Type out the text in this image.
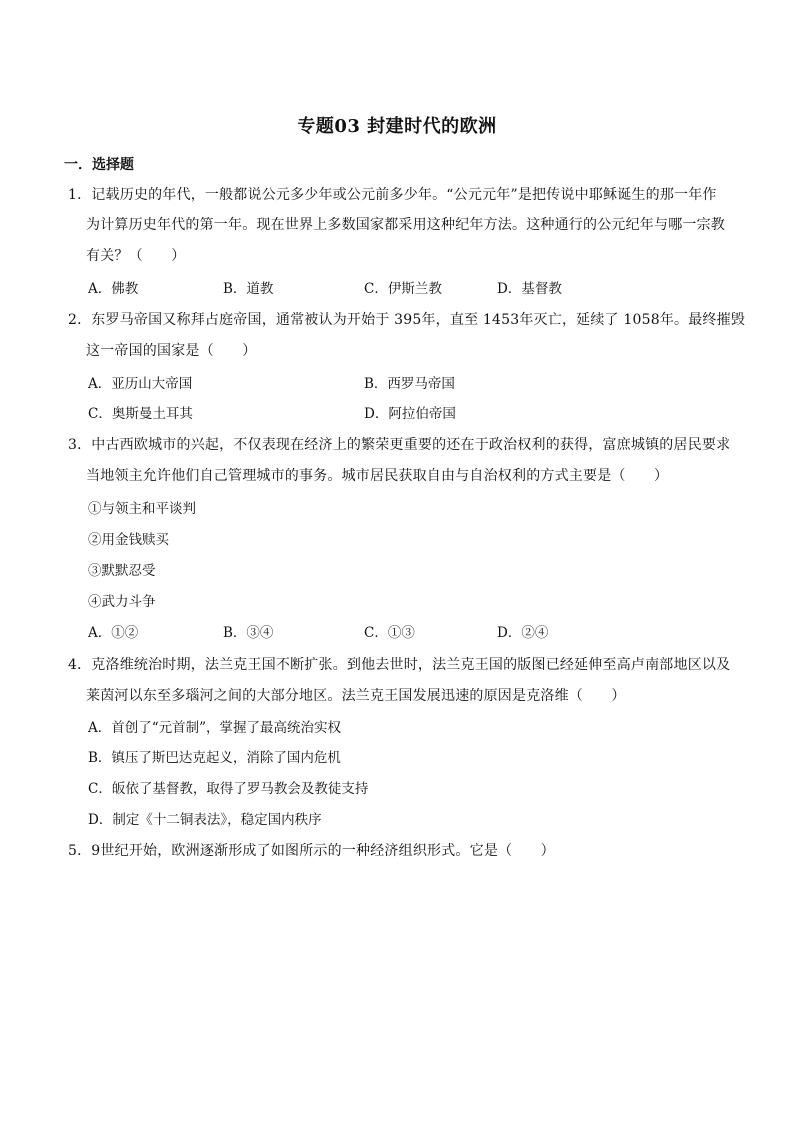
专题03 封建时代的欧洲
一．选择题
1．记载历史的年代，一般都说公元多少年或公元前多少年。“公元元年”是把传说中耶稣诞生的那一年作
为计算历史年代的第一年。现在世界上多数国家都采用这种纪年方法。这种通行的公元纪年与哪一宗教
有关？（　　）
A．佛教	B．道教	C．伊斯兰教	D．基督教
2．东罗马帝国又称拜占庭帝国，通常被认为开始于 395年，直至 1453年灭亡，延续了 1058年。最终摧毁
这一帝国的国家是（　　）
A．亚历山大帝国	B．西罗马帝国
C．奥斯曼土耳其	D．阿拉伯帝国
3．中古西欧城市的兴起，不仅表现在经济上的繁荣更重要的还在于政治权利的获得，富庶城镇的居民要求
当地领主允许他们自己管理城市的事务。城市居民获取自由与自治权利的方式主要是（　　）
①与领主和平谈判
②用金钱赎买
③默默忍受
④武力斗争
A．①②	B．③④	C．①③	D．②④
4．克洛维统治时期，法兰克王国不断扩张。到他去世时，法兰克王国的版图已经延伸至高卢南部地区以及
莱茵河以东至多瑙河之间的大部分地区。法兰克王国发展迅速的原因是克洛维（　　）
A．首创了“元首制”，掌握了最高统治实权
B．镇压了斯巴达克起义，消除了国内危机
C．皈依了基督教，取得了罗马教会及教徒支持
D．制定《十二铜表法》，稳定国内秩序
5．9世纪开始，欧洲逐渐形成了如图所示的一种经济组织形式。它是（　　）
